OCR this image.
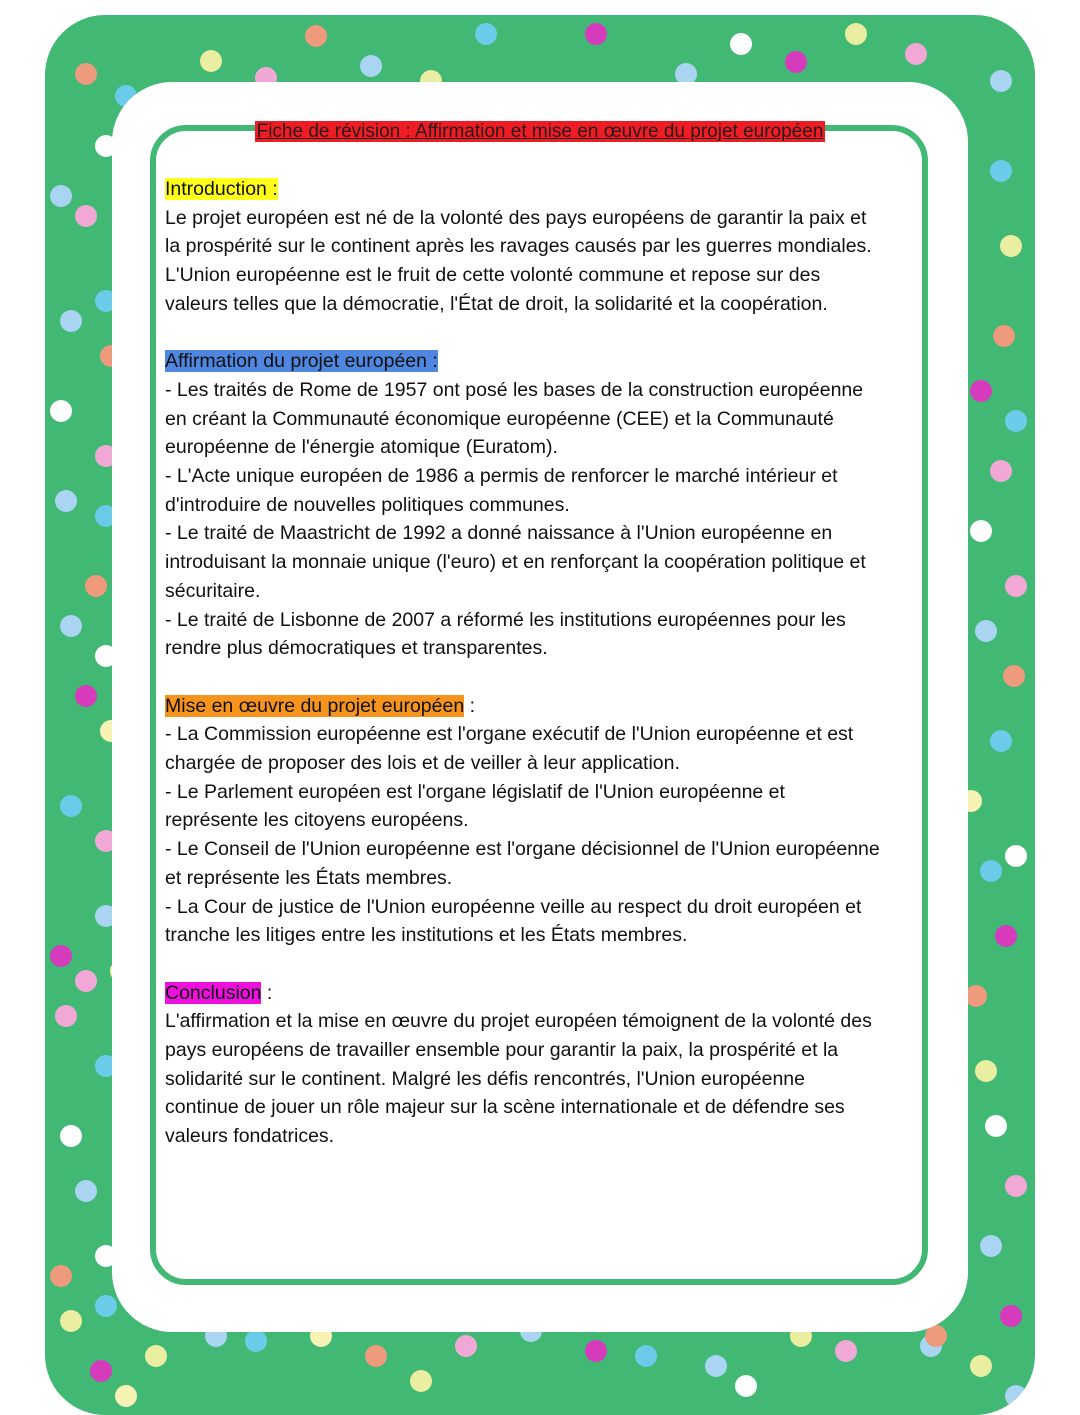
Fiche de révision : Affirmation et mise en œuvre du projet européen

Introduction :

Le projet européen est né de la volonté des pays européens de garantir la paix et

la prospérité sur le continent après les ravages causés par les guerres mondiales.

L'Union européenne est le fruit de cette volonté commune et repose sur des

valeurs telles que la démocratie, l'État de droit, la solidarité et la coopération.

Affirmation du projet européen :

- Les traités de Rome de 1957 ont posé les bases de la construction européenne

en créant la Communauté économique européenne (CEE) et la Communauté

européenne de l'énergie atomique (Euratom).

- L'Acte unique européen de 1986 a permis de renforcer le marché intérieur et

d'introduire de nouvelles politiques communes.

- Le traité de Maastricht de 1992 a donné naissance à l'Union européenne en

introduisant la monnaie unique (l'euro) et en renforçant la coopération politique et

sécuritaire.

- Le traité de Lisbonne de 2007 a réformé les institutions européennes pour les

rendre plus démocratiques et transparentes.

Mise en œuvre du projet européen :

- La Commission européenne est l'organe exécutif de l'Union européenne et est

chargée de proposer des lois et de veiller à leur application.

- Le Parlement européen est l'organe législatif de l'Union européenne et

représente les citoyens européens.

- Le Conseil de l'Union européenne est l'organe décisionnel de l'Union européenne

et représente les États membres.

- La Cour de justice de l'Union européenne veille au respect du droit européen et

tranche les litiges entre les institutions et les États membres.

Conclusion :

L'affirmation et la mise en œuvre du projet européen témoignent de la volonté des

pays européens de travailler ensemble pour garantir la paix, la prospérité et la

solidarité sur le continent. Malgré les défis rencontrés, l'Union européenne

continue de jouer un rôle majeur sur la scène internationale et de défendre ses

valeurs fondatrices.
